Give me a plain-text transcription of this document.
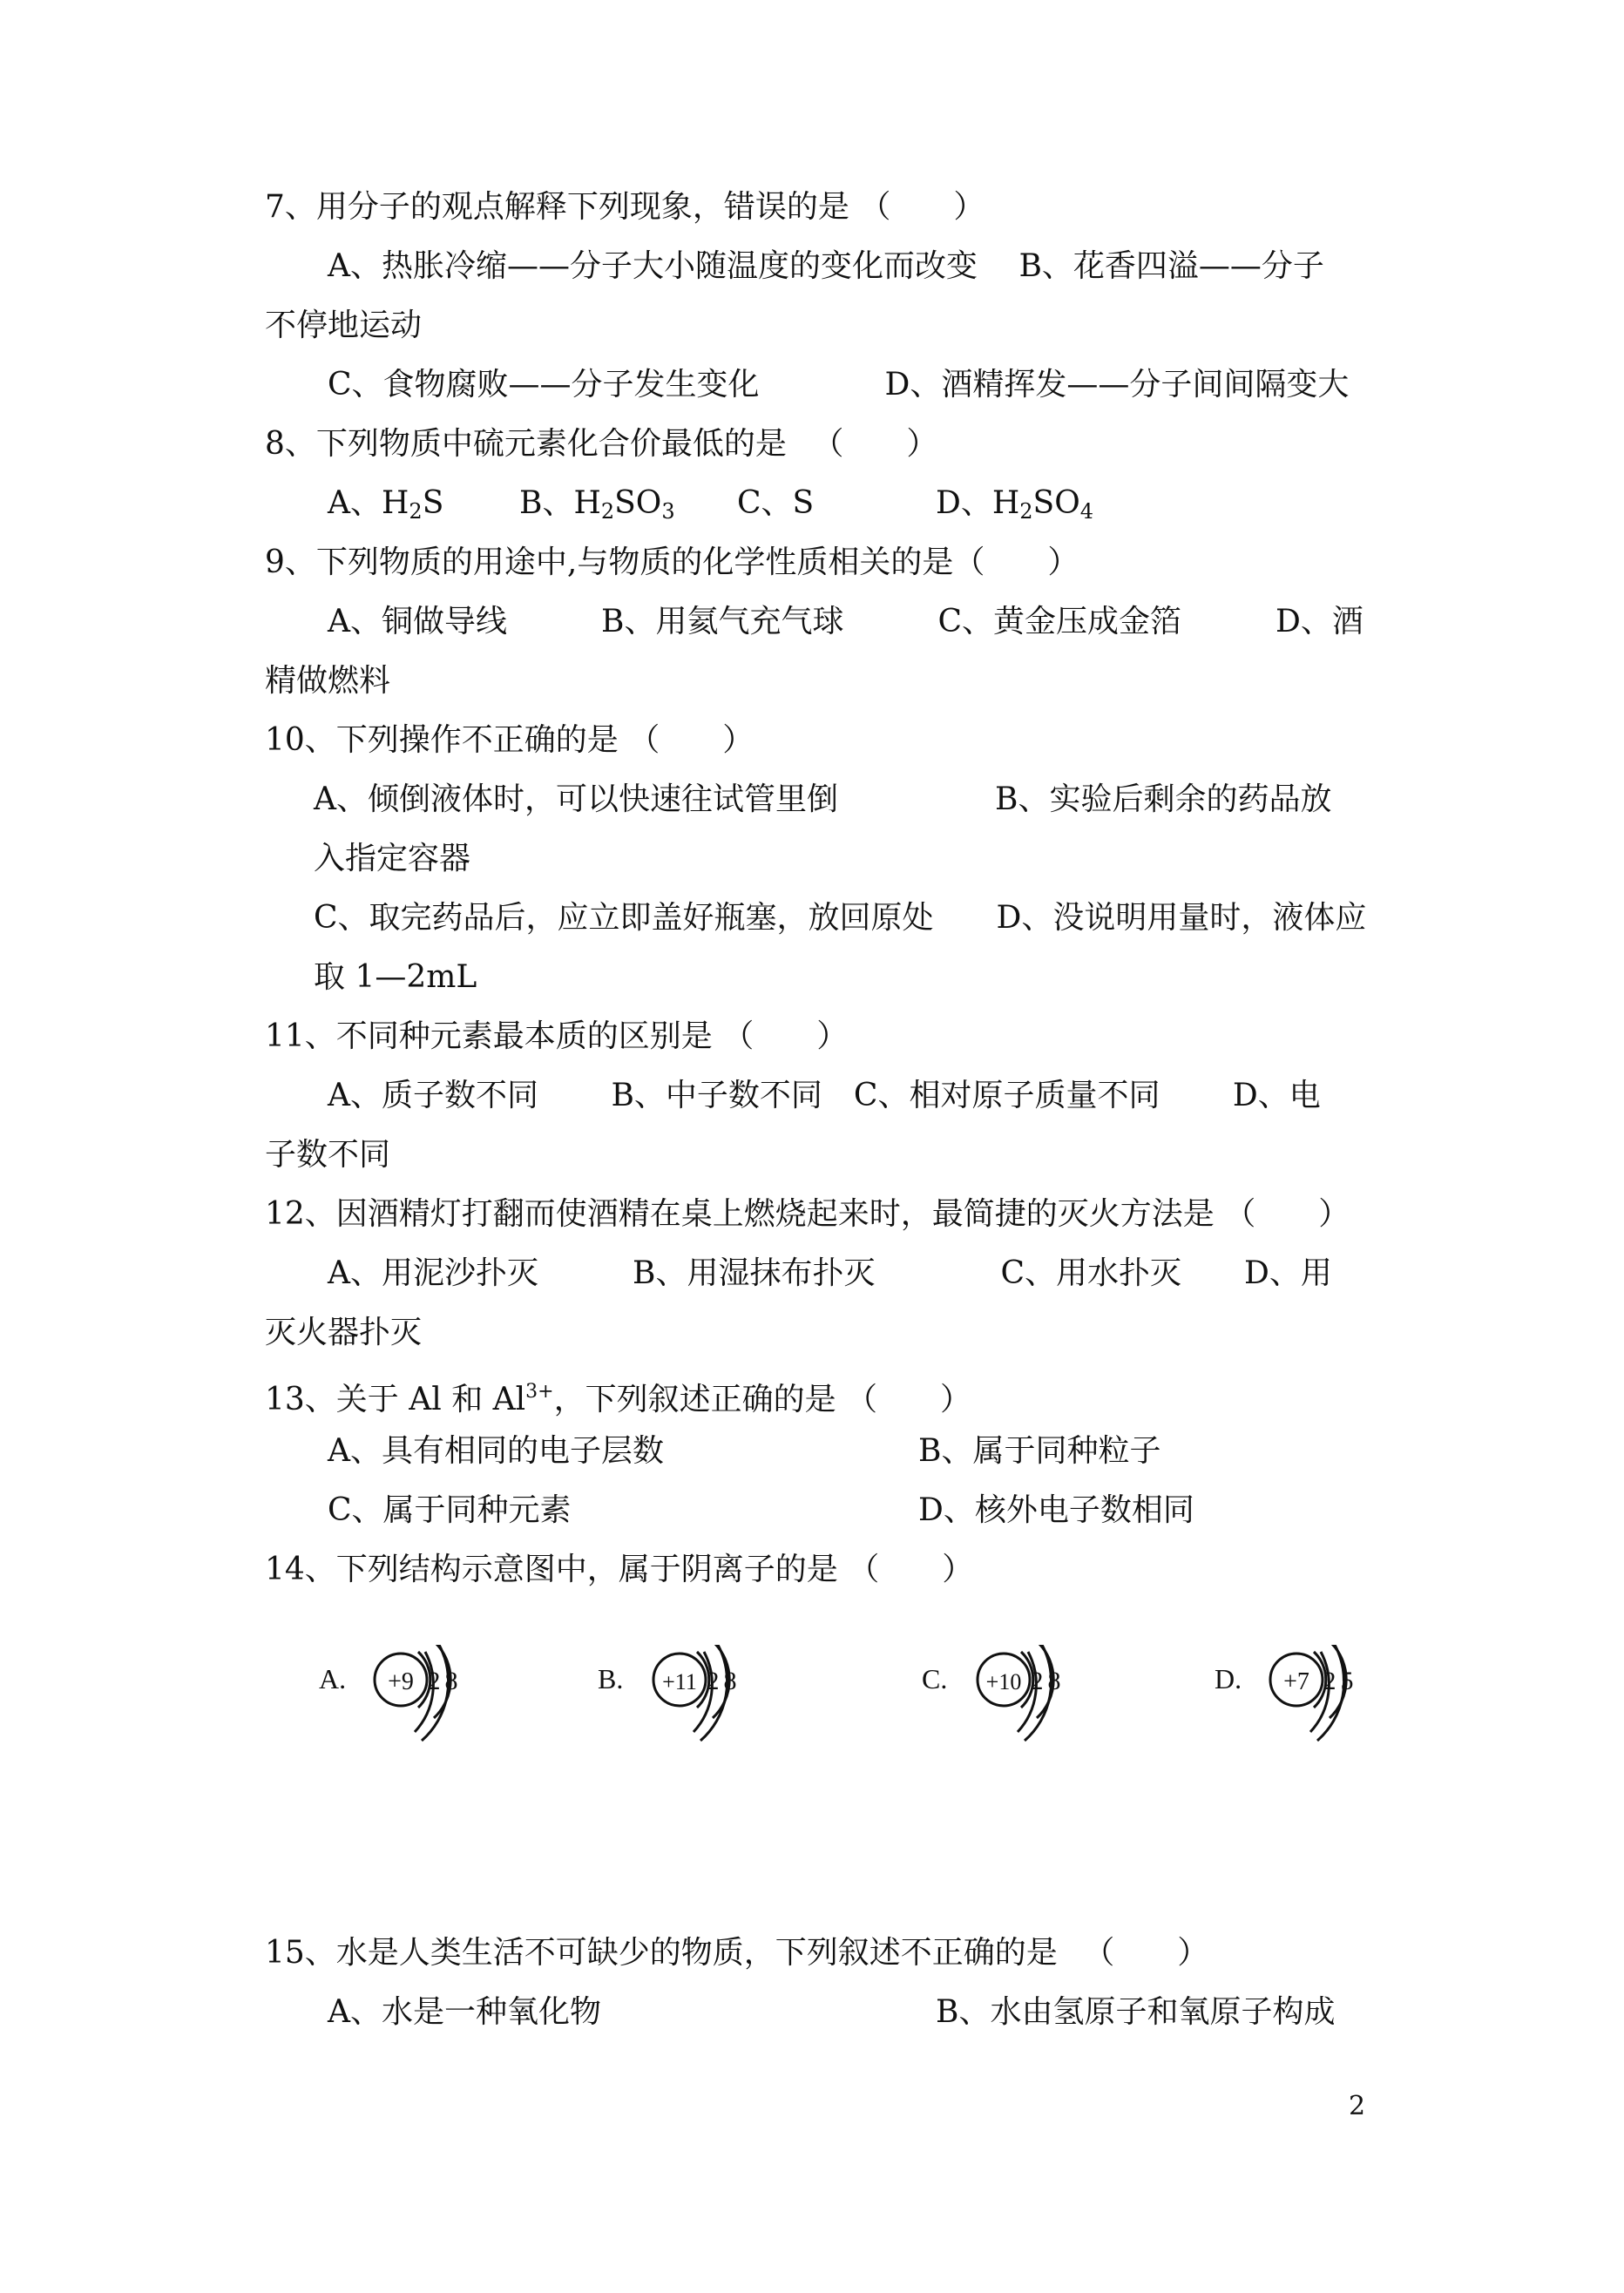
7、用分子的观点解释下列现象，错误的是 （　　）
A、热胀冷缩——分子大小随温度的变化而改变　 B、花香四溢——分子
不停地运动
C、食物腐败——分子发生变化　　　　D、酒精挥发——分子间间隔变大
8、下列物质中硫元素化合价最低的是 　（　　）
A、$H_2S$ B、$H_2SO_3$ C、S	D、$H_2SO_4$
9、下列物质的用途中,与物质的化学性质相关的是（　　）
A、铜做导线　　　B、用氦气充气球　　　C、黄金压成金箔　　　D、酒
精做燃料
10、下列操作不正确的是 （　　）
A、倾倒液体时，可以快速往试管里倒　　　　　B、实验后剩余的药品放
入指定容器
C、取完药品后，应立即盖好瓶塞，放回原处　　D、没说明用量时，液体应
取 1—2mL
11、不同种元素最本质的区别是 （　　）
A、质子数不同　　 B、中子数不同　C、相对原子质量不同　　 D、电
子数不同
12、因酒精灯打翻而使酒精在桌上燃烧起来时，最简捷的灭火方法是 （　　）
A、用泥沙扑灭　　　B、用湿抹布扑灭　　　　C、用水扑灭　　D、用
灭火器扑灭
13、关于 Al 和 $Al^{3+}$，下列叙述正确的是 （　　）
A、具有相同的电子层数	B、属于同种粒子
C、属于同种元素	D、核外电子数相同
14、下列结构示意图中，属于阴离子的是 （　　）
A. +9 2 8	B. +11 2 8	C. +10 2 8	D. +7 2 5
15、水是人类生活不可缺少的物质，下列叙述不正确的是 　（　　）
A、水是一种氧化物	B、水由氢原子和氧原子构成
2
